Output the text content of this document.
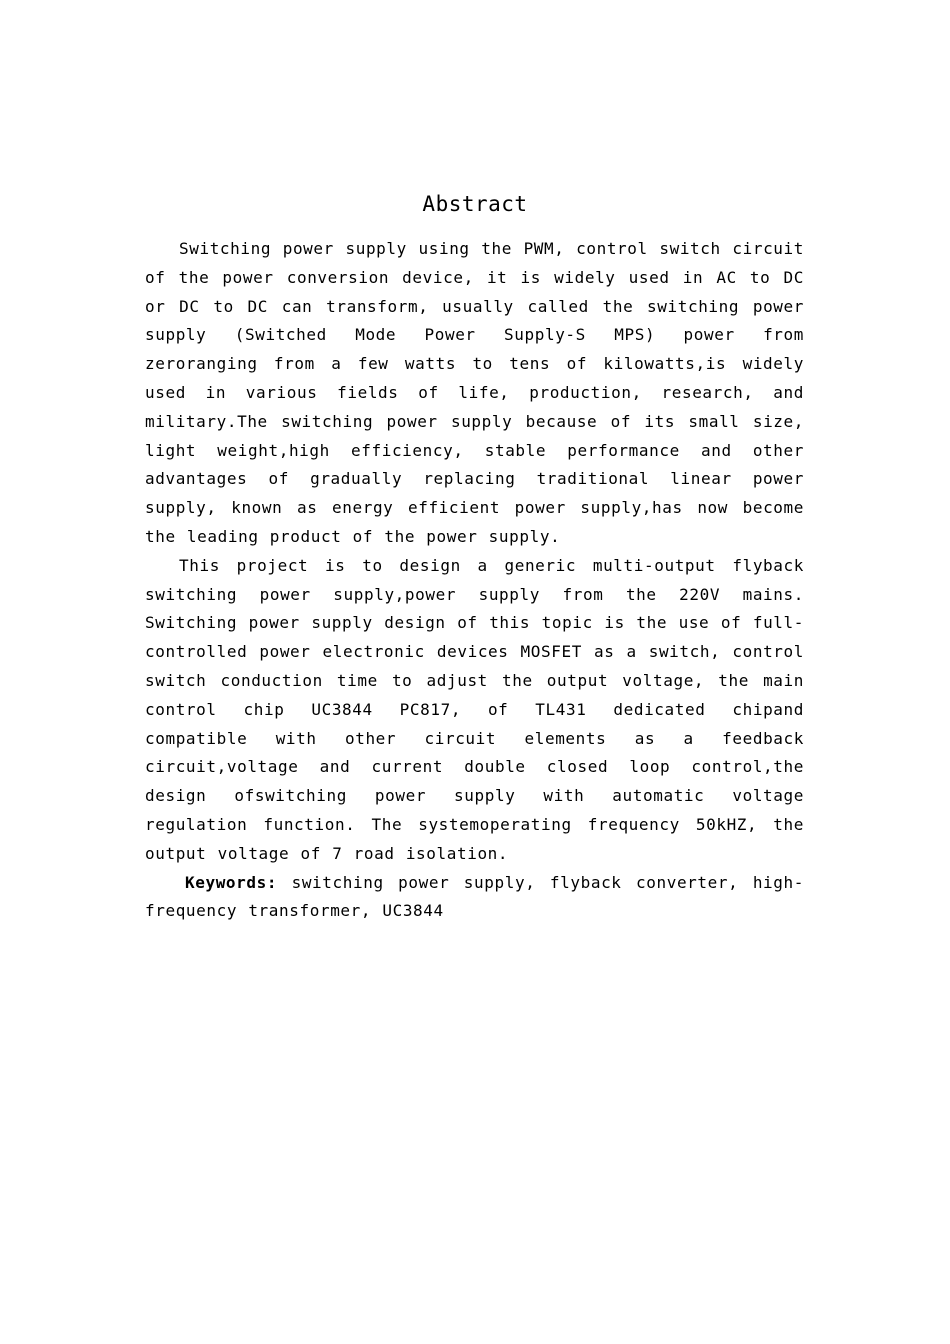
Abstract

Switching power supply using the PWM, control switch circuit of the power conversion device, it is widely used in AC to DC or DC to DC can transform, usually called the switching power supply (Switched Mode Power Supply-S MPS) power from zeroranging from a few watts to tens of kilowatts,is widely used in various fields of life, production, research, and military.The switching power supply because of its small size, light weight,high efficiency, stable performance and other advantages of gradually replacing traditional linear power supply, known as energy efficient power supply,has now become the leading product of the power supply.

This project is to design a generic multi-output flyback switching power supply,power supply from the 220V mains. Switching power supply design of this topic is the use of full-controlled power electronic devices MOSFET as a switch, control switch conduction time to adjust the output voltage, the main control chip UC3844 PC817, of TL431 dedicated chipand compatible with other circuit elements as a feedback circuit,voltage and current double closed loop control,the design ofswitching power supply with automatic voltage regulation function. The systemoperating frequency 50kHZ, the output voltage of 7 road isolation.

Keywords: switching power supply, flyback converter, high-frequency transformer, UC3844
